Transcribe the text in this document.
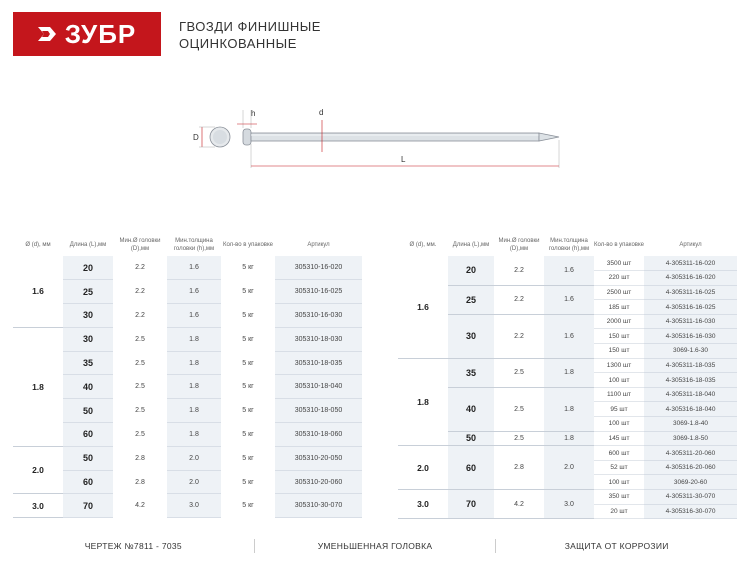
ЗУБР	ГВОЗДИ ФИНИШНЫЕ
ОЦИНКОВАННЫЕ
D
h	d
L
Ø (d), мм	Длина (L),мм	Мин.Ø головки (D),мм	Мин.толщина головки (h),мм	Кол-во в упаковке	Артикул
1.6	20	2.2	1.6	5 кг	305310-16-020
	25	2.2	1.6	5 кг	305310-16-025
	30	2.2	1.6	5 кг	305310-16-030
1.8	30	2.5	1.8	5 кг	305310-18-030
	35	2.5	1.8	5 кг	305310-18-035
	40	2.5	1.8	5 кг	305310-18-040
	50	2.5	1.8	5 кг	305310-18-050
	60	2.5	1.8	5 кг	305310-18-060
2.0	50	2.8	2.0	5 кг	305310-20-050
	60	2.8	2.0	5 кг	305310-20-060
3.0	70	4.2	3.0	5 кг	305310-30-070
Ø (d), мм.	Длина (L),мм	Мин.Ø головки (D),мм	Мин.толщина головки (h),мм	Кол-во в упаковке	Артикул
1.6	20	2.2	1.6	3500 шт	4-305311-16-020
				220 шт	4-305316-16-020
	25	2.2	1.6	2500 шт	4-305311-16-025
				185 шт	4-305316-16-025
	30	2.2	1.6	2000 шт	4-305311-16-030
				150 шт	4-305316-16-030
				150 шт	3069-1.6-30
1.8	35	2.5	1.8	1300 шт	4-305311-18-035
				100 шт	4-305316-18-035
	40	2.5	1.8	1100 шт	4-305311-18-040
				95 шт	4-305316-18-040
				100 шт	3069-1.8-40
	50	2.5	1.8	145 шт	3069-1.8-50
2.0	60	2.8	2.0	600 шт	4-305311-20-060
				52 шт	4-305316-20-060
				100 шт	3069-20-60
3.0	70	4.2	3.0	350 шт	4-305311-30-070
				20 шт	4-305316-30-070
ЧЕРТЕЖ №7811 - 7035	УМЕНЬШЕННАЯ ГОЛОВКА	ЗАЩИТА ОТ КОРРОЗИИ
